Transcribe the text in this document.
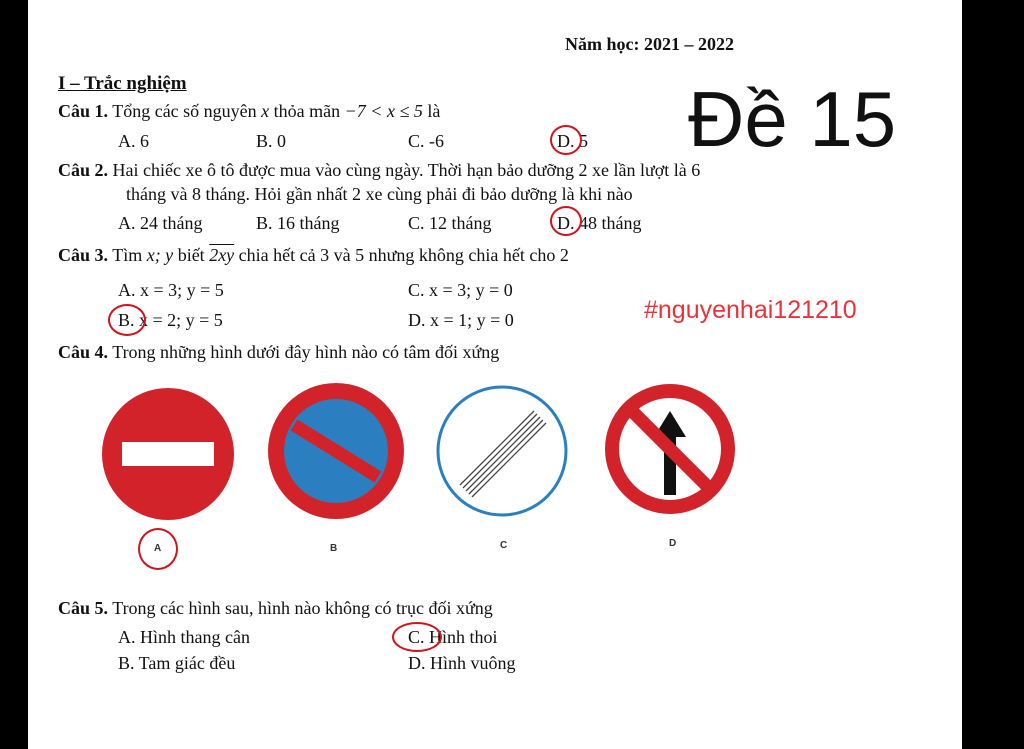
Năm học: 2021 – 2022
Đề 15
#nguyenhai121210
I – Trắc nghiệm
Câu 1. Tổng các số nguyên x thỏa mãn −7 < x ≤ 5 là
A. 6	B. 0	C. -6	D. 5
Câu 2. Hai chiếc xe ô tô được mua vào cùng ngày. Thời hạn bảo dưỡng 2 xe lần lượt là 6
tháng và 8 tháng. Hỏi gần nhất 2 xe cùng phải đi bảo dưỡng là khi nào
A. 24 tháng	B. 16 tháng	C. 12 tháng	D. 48 tháng
Câu 3. Tìm x; y biết 2xy chia hết cả 3 và 5 nhưng không chia hết cho 2
A. x = 3; y = 5	C. x = 3; y = 0
B. x = 2; y = 5	D. x = 1; y = 0
Câu 4. Trong những hình dưới đây hình nào có tâm đối xứng
A	B	C	D
Câu 5. Trong các hình sau, hình nào không có trục đối xứng
A. Hình thang cân	C. Hình thoi
B. Tam giác đều	D. Hình vuông
